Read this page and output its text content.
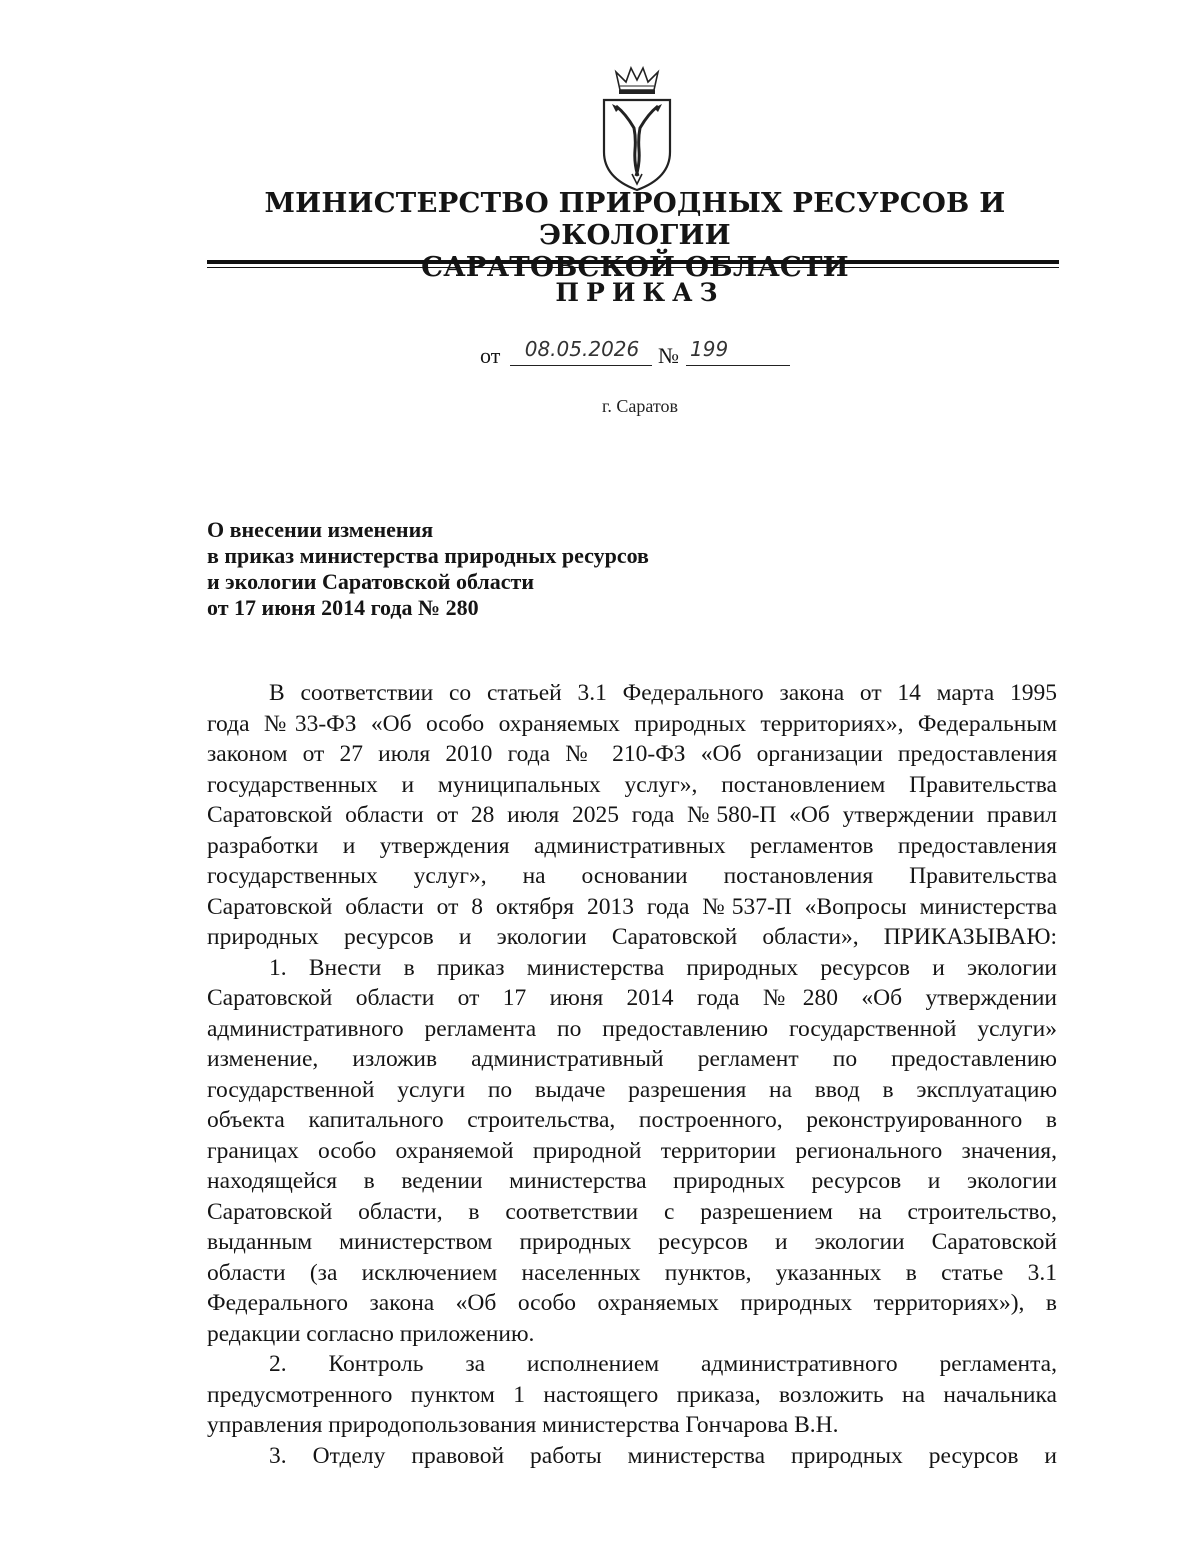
МИНИСТЕРСТВО ПРИРОДНЫХ РЕСУРСОВ И ЭКОЛОГИИ
ПРИКАЗ
от	08.05.2026 № 199
г. Саратов
О внесении изменения
в приказ министерства природных ресурсов
и экологии Саратовской области
от 17 июня 2014 года № 280
В соответствии со статьей 3.1 Федерального закона от 14 марта 1995
года №33-ФЗ «Об особо охраняемых природных территориях», Федеральным
законом от 27 июля 2010 года № 210-ФЗ «Об организации предоставления
государственных и муниципальных услуг», постановлением Правительства
Саратовской области от 28 июля 2025 года №580-П «Об утверждении правил
разработки и утверждения административных регламентов предоставления
государственных услуг», на основании постановления Правительства
Саратовской области от 8 октября 2013 года №537-П «Вопросы министерства
природных ресурсов и экологии Саратовской области», ПРИКАЗЫВАЮ:
1. Внести в приказ министерства природных ресурсов и экологии
Саратовской области от 17 июня 2014 года №280 «Об утверждении
административного регламента по предоставлению государственной услуги»
изменение, изложив административный регламент по предоставлению
государственной услуги по выдаче разрешения на ввод в эксплуатацию
объекта капитального строительства, построенного, реконструированного в
границах особо охраняемой природной территории регионального значения,
находящейся в ведении министерства природных ресурсов и экологии
Саратовской области, в соответствии с разрешением на строительство,
выданным министерством природных ресурсов и экологии Саратовской
области (за исключением населенных пунктов, указанных в статье 3.1
Федерального закона «Об особо охраняемых природных территориях»), в
редакции согласно приложению.
2. Контроль за исполнением административного регламента,
предусмотренного пунктом 1 настоящего приказа, возложить на начальника
управления природопользования министерства Гончарова В.Н.
3. Отделу правовой работы министерства природных ресурсов и
